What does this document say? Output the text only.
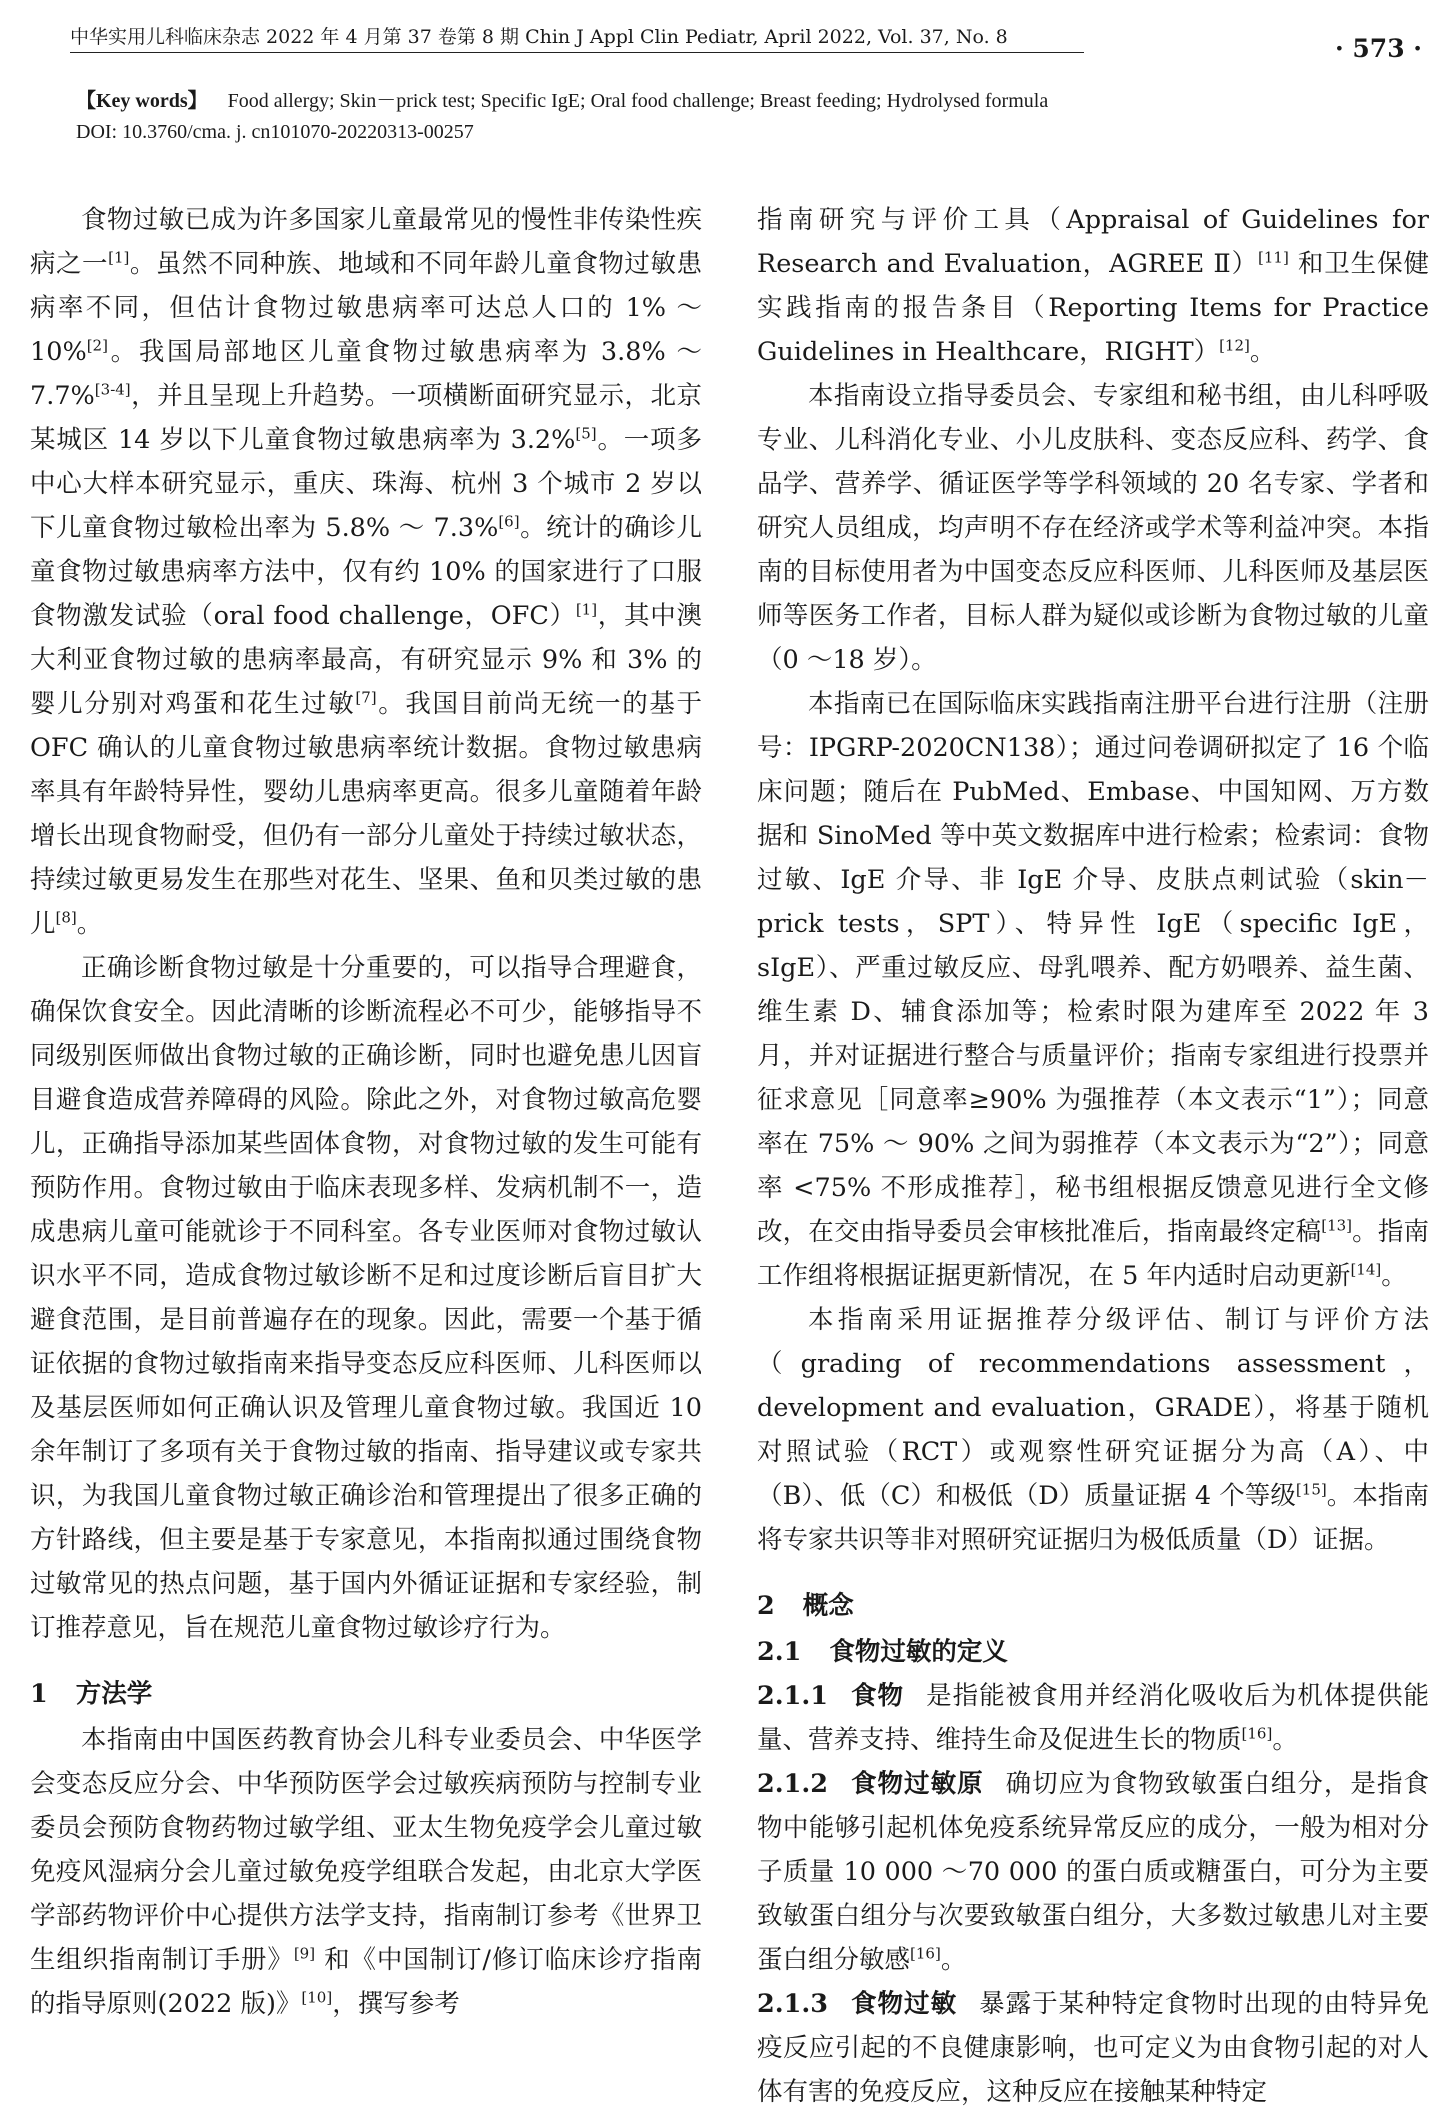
中华实用儿科临床杂志 2022 年 4 月第 37 卷第 8 期 Chin J Appl Clin Pediatr, April 2022, Vol. 37, No. 8	· 573 ·
【Key words】 Food allergy; Skin－prick test; Specific IgE; Oral food challenge; Breast feeding; Hydrolysed formula
DOI: 10.3760/cma. j. cn101070-20220313-00257

食物过敏已成为许多国家儿童最常见的慢性非传染性疾病之一[1]。虽然不同种族、地域和不同年龄儿童食物过敏患病率不同，但估计食物过敏患病率可达总人口的 1% ～10%[2]。我国局部地区儿童食物过敏患病率为 3.8% ～7.7%[3-4]，并且呈现上升趋势。一项横断面研究显示，北京某城区 14 岁以下儿童食物过敏患病率为 3.2%[5]。一项多中心大样本研究显示，重庆、珠海、杭州 3 个城市 2 岁以下儿童食物过敏检出率为 5.8% ～ 7.3%[6]。统计的确诊儿童食物过敏患病率方法中，仅有约 10% 的国家进行了口服食物激发试验（oral food challenge，OFC）[1]，其中澳大利亚食物过敏的患病率最高，有研究显示 9% 和 3% 的婴儿分别对鸡蛋和花生过敏[7]。我国目前尚无统一的基于 OFC 确认的儿童食物过敏患病率统计数据。食物过敏患病率具有年龄特异性，婴幼儿患病率更高。很多儿童随着年龄增长出现食物耐受，但仍有一部分儿童处于持续过敏状态，持续过敏更易发生在那些对花生、坚果、鱼和贝类过敏的患儿[8]。

正确诊断食物过敏是十分重要的，可以指导合理避食，确保饮食安全。因此清晰的诊断流程必不可少，能够指导不同级别医师做出食物过敏的正确诊断，同时也避免患儿因盲目避食造成营养障碍的风险。除此之外，对食物过敏高危婴儿，正确指导添加某些固体食物，对食物过敏的发生可能有预防作用。食物过敏由于临床表现多样、发病机制不一，造成患病儿童可能就诊于不同科室。各专业医师对食物过敏认识水平不同，造成食物过敏诊断不足和过度诊断后盲目扩大避食范围，是目前普遍存在的现象。因此，需要一个基于循证依据的食物过敏指南来指导变态反应科医师、儿科医师以及基层医师如何正确认识及管理儿童食物过敏。我国近 10 余年制订了多项有关于食物过敏的指南、指导建议或专家共识，为我国儿童食物过敏正确诊治和管理提出了很多正确的方针路线，但主要是基于专家意见，本指南拟通过围绕食物过敏常见的热点问题，基于国内外循证证据和专家经验，制订推荐意见，旨在规范儿童食物过敏诊疗行为。

1 方法学

本指南由中国医药教育协会儿科专业委员会、中华医学会变态反应分会、中华预防医学会过敏疾病预防与控制专业委员会预防食物药物过敏学组、亚太生物免疫学会儿童过敏免疫风湿病分会儿童过敏免疫学组联合发起，由北京大学医学部药物评价中心提供方法学支持，指南制订参考《世界卫生组织指南制订手册》[9] 和《中国制订/修订临床诊疗指南的指导原则(2022 版)》[10]，撰写参考

指南研究与评价工具（Appraisal of Guidelines for Research and Evaluation，AGREE Ⅱ）[11] 和卫生保健实践指南的报告条目（Reporting Items for Practice Guidelines in Healthcare，RIGHT）[12]。

本指南设立指导委员会、专家组和秘书组，由儿科呼吸专业、儿科消化专业、小儿皮肤科、变态反应科、药学、食品学、营养学、循证医学等学科领域的 20 名专家、学者和研究人员组成，均声明不存在经济或学术等利益冲突。本指南的目标使用者为中国变态反应科医师、儿科医师及基层医师等医务工作者，目标人群为疑似或诊断为食物过敏的儿童（0 ～18 岁）。

本指南已在国际临床实践指南注册平台进行注册（注册号：IPGRP-2020CN138）；通过问卷调研拟定了 16 个临床问题；随后在 PubMed、Embase、中国知网、万方数据和 SinoMed 等中英文数据库中进行检索；检索词：食物过敏、IgE 介导、非 IgE 介导、皮肤点刺试验（skin－prick tests，SPT）、特异性 IgE（specific IgE，sIgE）、严重过敏反应、母乳喂养、配方奶喂养、益生菌、维生素 D、辅食添加等；检索时限为建库至 2022 年 3 月，并对证据进行整合与质量评价；指南专家组进行投票并征求意见［同意率≥90% 为强推荐（本文表示“1”）；同意率在 75% ～ 90% 之间为弱推荐（本文表示为“2”）；同意率 <75% 不形成推荐］，秘书组根据反馈意见进行全文修改，在交由指导委员会审核批准后，指南最终定稿[13]。指南工作组将根据证据更新情况，在 5 年内适时启动更新[14]。

本指南采用证据推荐分级评估、制订与评价方法（grading of recommendations assessment，development and evaluation，GRADE），将基于随机对照试验（RCT）或观察性研究证据分为高（A）、中（B）、低（C）和极低（D）质量证据 4 个等级[15]。本指南将专家共识等非对照研究证据归为极低质量（D）证据。

2 概念
2.1 食物过敏的定义

2.1.1 食物 是指能被食用并经消化吸收后为机体提供能量、营养支持、维持生命及促进生长的物质[16]。

2.1.2 食物过敏原 确切应为食物致敏蛋白组分，是指食物中能够引起机体免疫系统异常反应的成分，一般为相对分子质量 10 000 ～70 000 的蛋白质或糖蛋白，可分为主要致敏蛋白组分与次要致敏蛋白组分，大多数过敏患儿对主要蛋白组分敏感[16]。

2.1.3 食物过敏 暴露于某种特定食物时出现的由特异免疫反应引起的不良健康影响，也可定义为由食物引起的对人体有害的免疫反应，这种反应在接触某种特定
